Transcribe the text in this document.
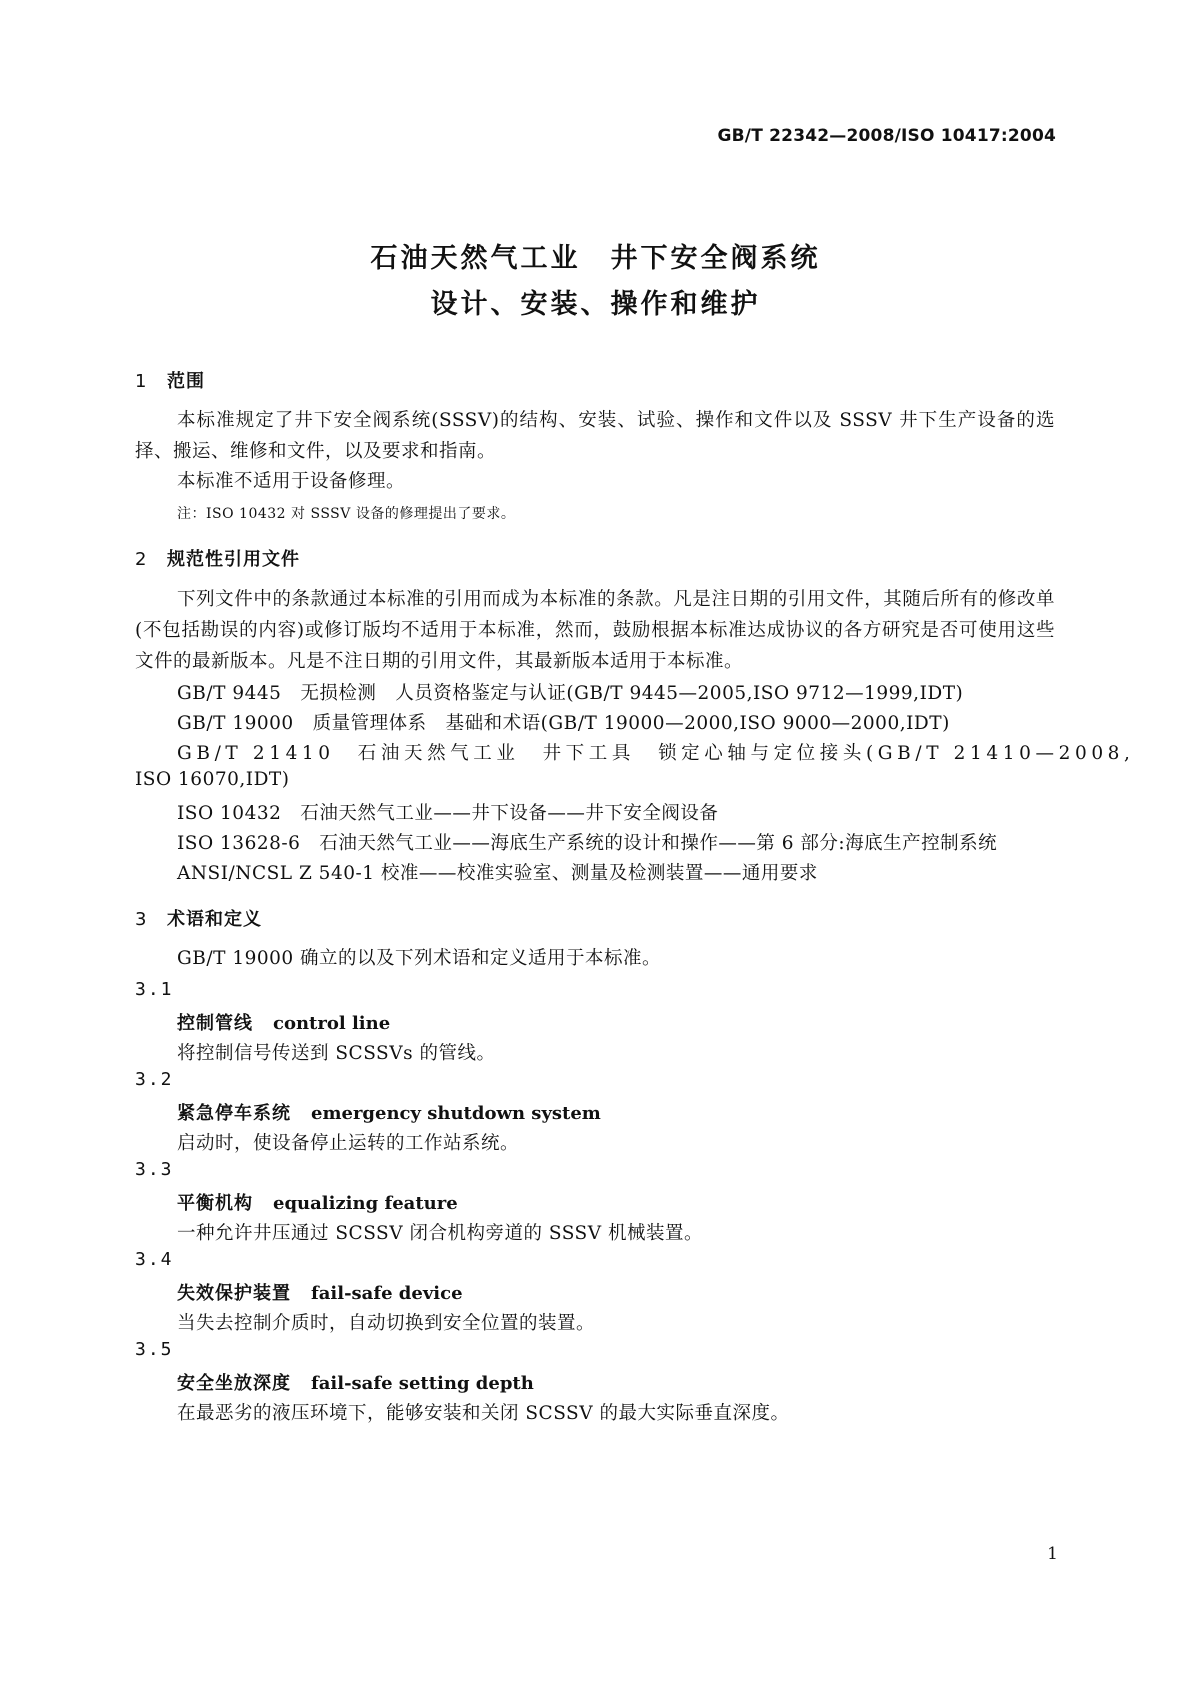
GB/T 22342—2008/ISO 10417:2004
石油天然气工业　井下安全阀系统
设计、安装、操作和维护
1 范围
本标准规定了井下安全阀系统(SSSV)的结构、安装、试验、操作和文件以及 SSSV 井下生产设备的选择、搬运、维修和文件，以及要求和指南。
本标准不适用于设备修理。
注：ISO 10432 对 SSSV 设备的修理提出了要求。
2 规范性引用文件
下列文件中的条款通过本标准的引用而成为本标准的条款。凡是注日期的引用文件，其随后所有的修改单(不包括勘误的内容)或修订版均不适用于本标准，然而，鼓励根据本标准达成协议的各方研究是否可使用这些文件的最新版本。凡是不注日期的引用文件，其最新版本适用于本标准。
GB/T 9445　无损检测　人员资格鉴定与认证(GB/T 9445—2005,ISO 9712—1999,IDT)
GB/T 19000　质量管理体系　基础和术语(GB/T 19000—2000,ISO 9000—2000,IDT)
GB/T 21410　石油天然气工业　井下工具　锁定心轴与定位接头(GB/T 21410—2008,
ISO 16070,IDT)
ISO 10432　石油天然气工业——井下设备——井下安全阀设备
ISO 13628-6　石油天然气工业——海底生产系统的设计和操作——第 6 部分:海底生产控制系统
ANSI/NCSL Z 540-1 校准——校准实验室、测量及检测装置——通用要求
3 术语和定义
GB/T 19000 确立的以及下列术语和定义适用于本标准。
3.1
控制管线 control line
将控制信号传送到 SCSSVs 的管线。
3.2
紧急停车系统 emergency shutdown system
启动时，使设备停止运转的工作站系统。
3.3
平衡机构 equalizing feature
一种允许井压通过 SCSSV 闭合机构旁道的 SSSV 机械装置。
3.4
失效保护装置 fail-safe device
当失去控制介质时，自动切换到安全位置的装置。
3.5
安全坐放深度 fail-safe setting depth
在最恶劣的液压环境下，能够安装和关闭 SCSSV 的最大实际垂直深度。
1
